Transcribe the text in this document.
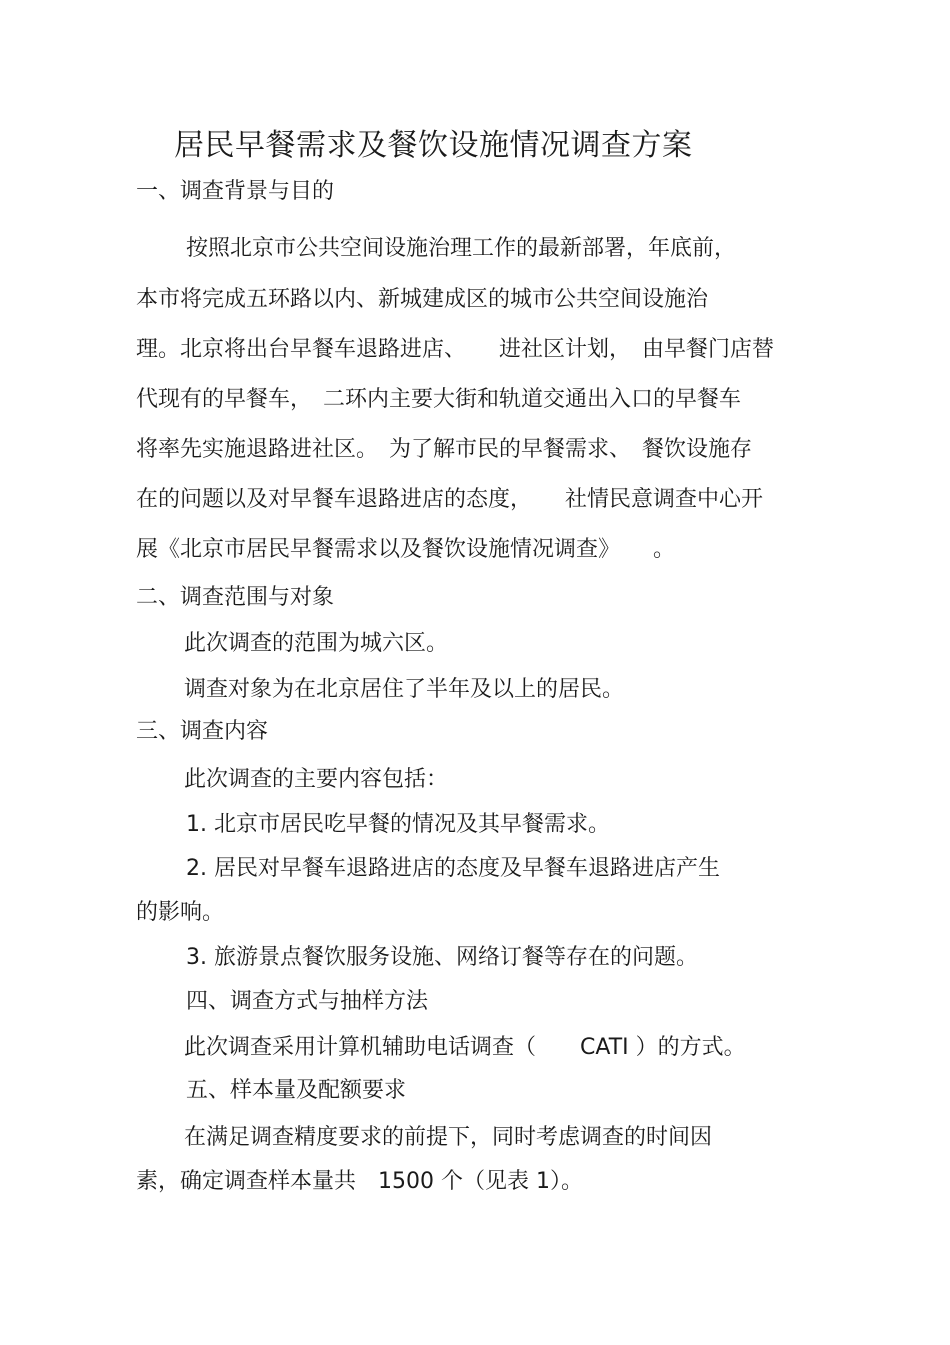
居民早餐需求及餐饮设施情况调查方案
一、调查背景与目的
按照北京市公共空间设施治理工作的最新部署，年底前，
本市将完成五环路以内、新城建成区的城市公共空间设施治
理。北京将出台早餐车退路进店、　　进社区计划，　由早餐门店替
代现有的早餐车，　二环内主要大街和轨道交通出入口的早餐车
将率先实施退路进社区。　为了解市民的早餐需求、　餐饮设施存
在的问题以及对早餐车退路进店的态度，　　社情民意调查中心开
展《北京市居民早餐需求以及餐饮设施情况调查》　　。
二、调查范围与对象
此次调查的范围为城六区。
调查对象为在北京居住了半年及以上的居民。
三、调查内容
此次调查的主要内容包括：
1. 北京市居民吃早餐的情况及其早餐需求。
2. 居民对早餐车退路进店的态度及早餐车退路进店产生
的影响。
3. 旅游景点餐饮服务设施、网络订餐等存在的问题。
四、调查方式与抽样方法
此次调查采用计算机辅助电话调查（　　CATI ）的方式。
五、样本量及配额要求
在满足调查精度要求的前提下，同时考虑调查的时间因
素，确定调查样本量共　1500 个（见表 1）。
